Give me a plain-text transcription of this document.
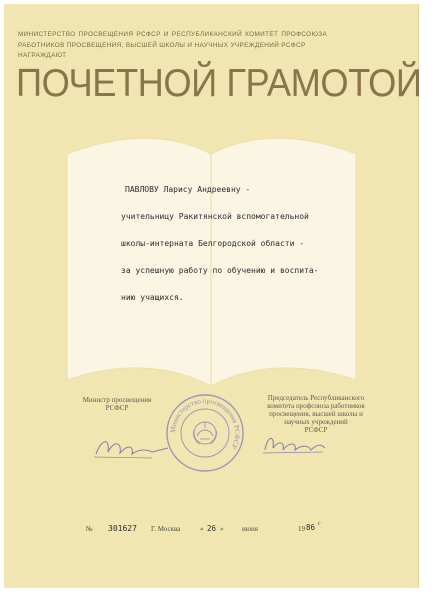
МИНИСТЕРСТВО ПРОСВЕЩЕНИЯ РСФСР И РЕСПУБЛИКАНСКИЙ КОМИТЕТ ПРОФСОЮЗА
РАБОТНИКОВ ПРОСВЕЩЕНИЯ, ВЫСШЕЙ ШКОЛЫ И НАУЧНЫХ УЧРЕЖДЕНИЙ РСФСР
НАГРАЖДАЮТ
ПОЧЕТНОЙ ГРАМОТОЙ
ПАВЛОВУ Ларису Андреевну -
учительницу Ракитянской вспомогательной
школы-интерната Белгородской области -
за успешную работу по обучению и воспита-
нию учащихся.
Министр просвещения
РСФСР
Председатель Республиканского
комитета профсоюза работников
просвещения, высшей школы и
научных учреждений
РСФСР
Министерство просвещения РСФСР
№ 301627 Г. Москва	« 26 »	июня	19 86 г
